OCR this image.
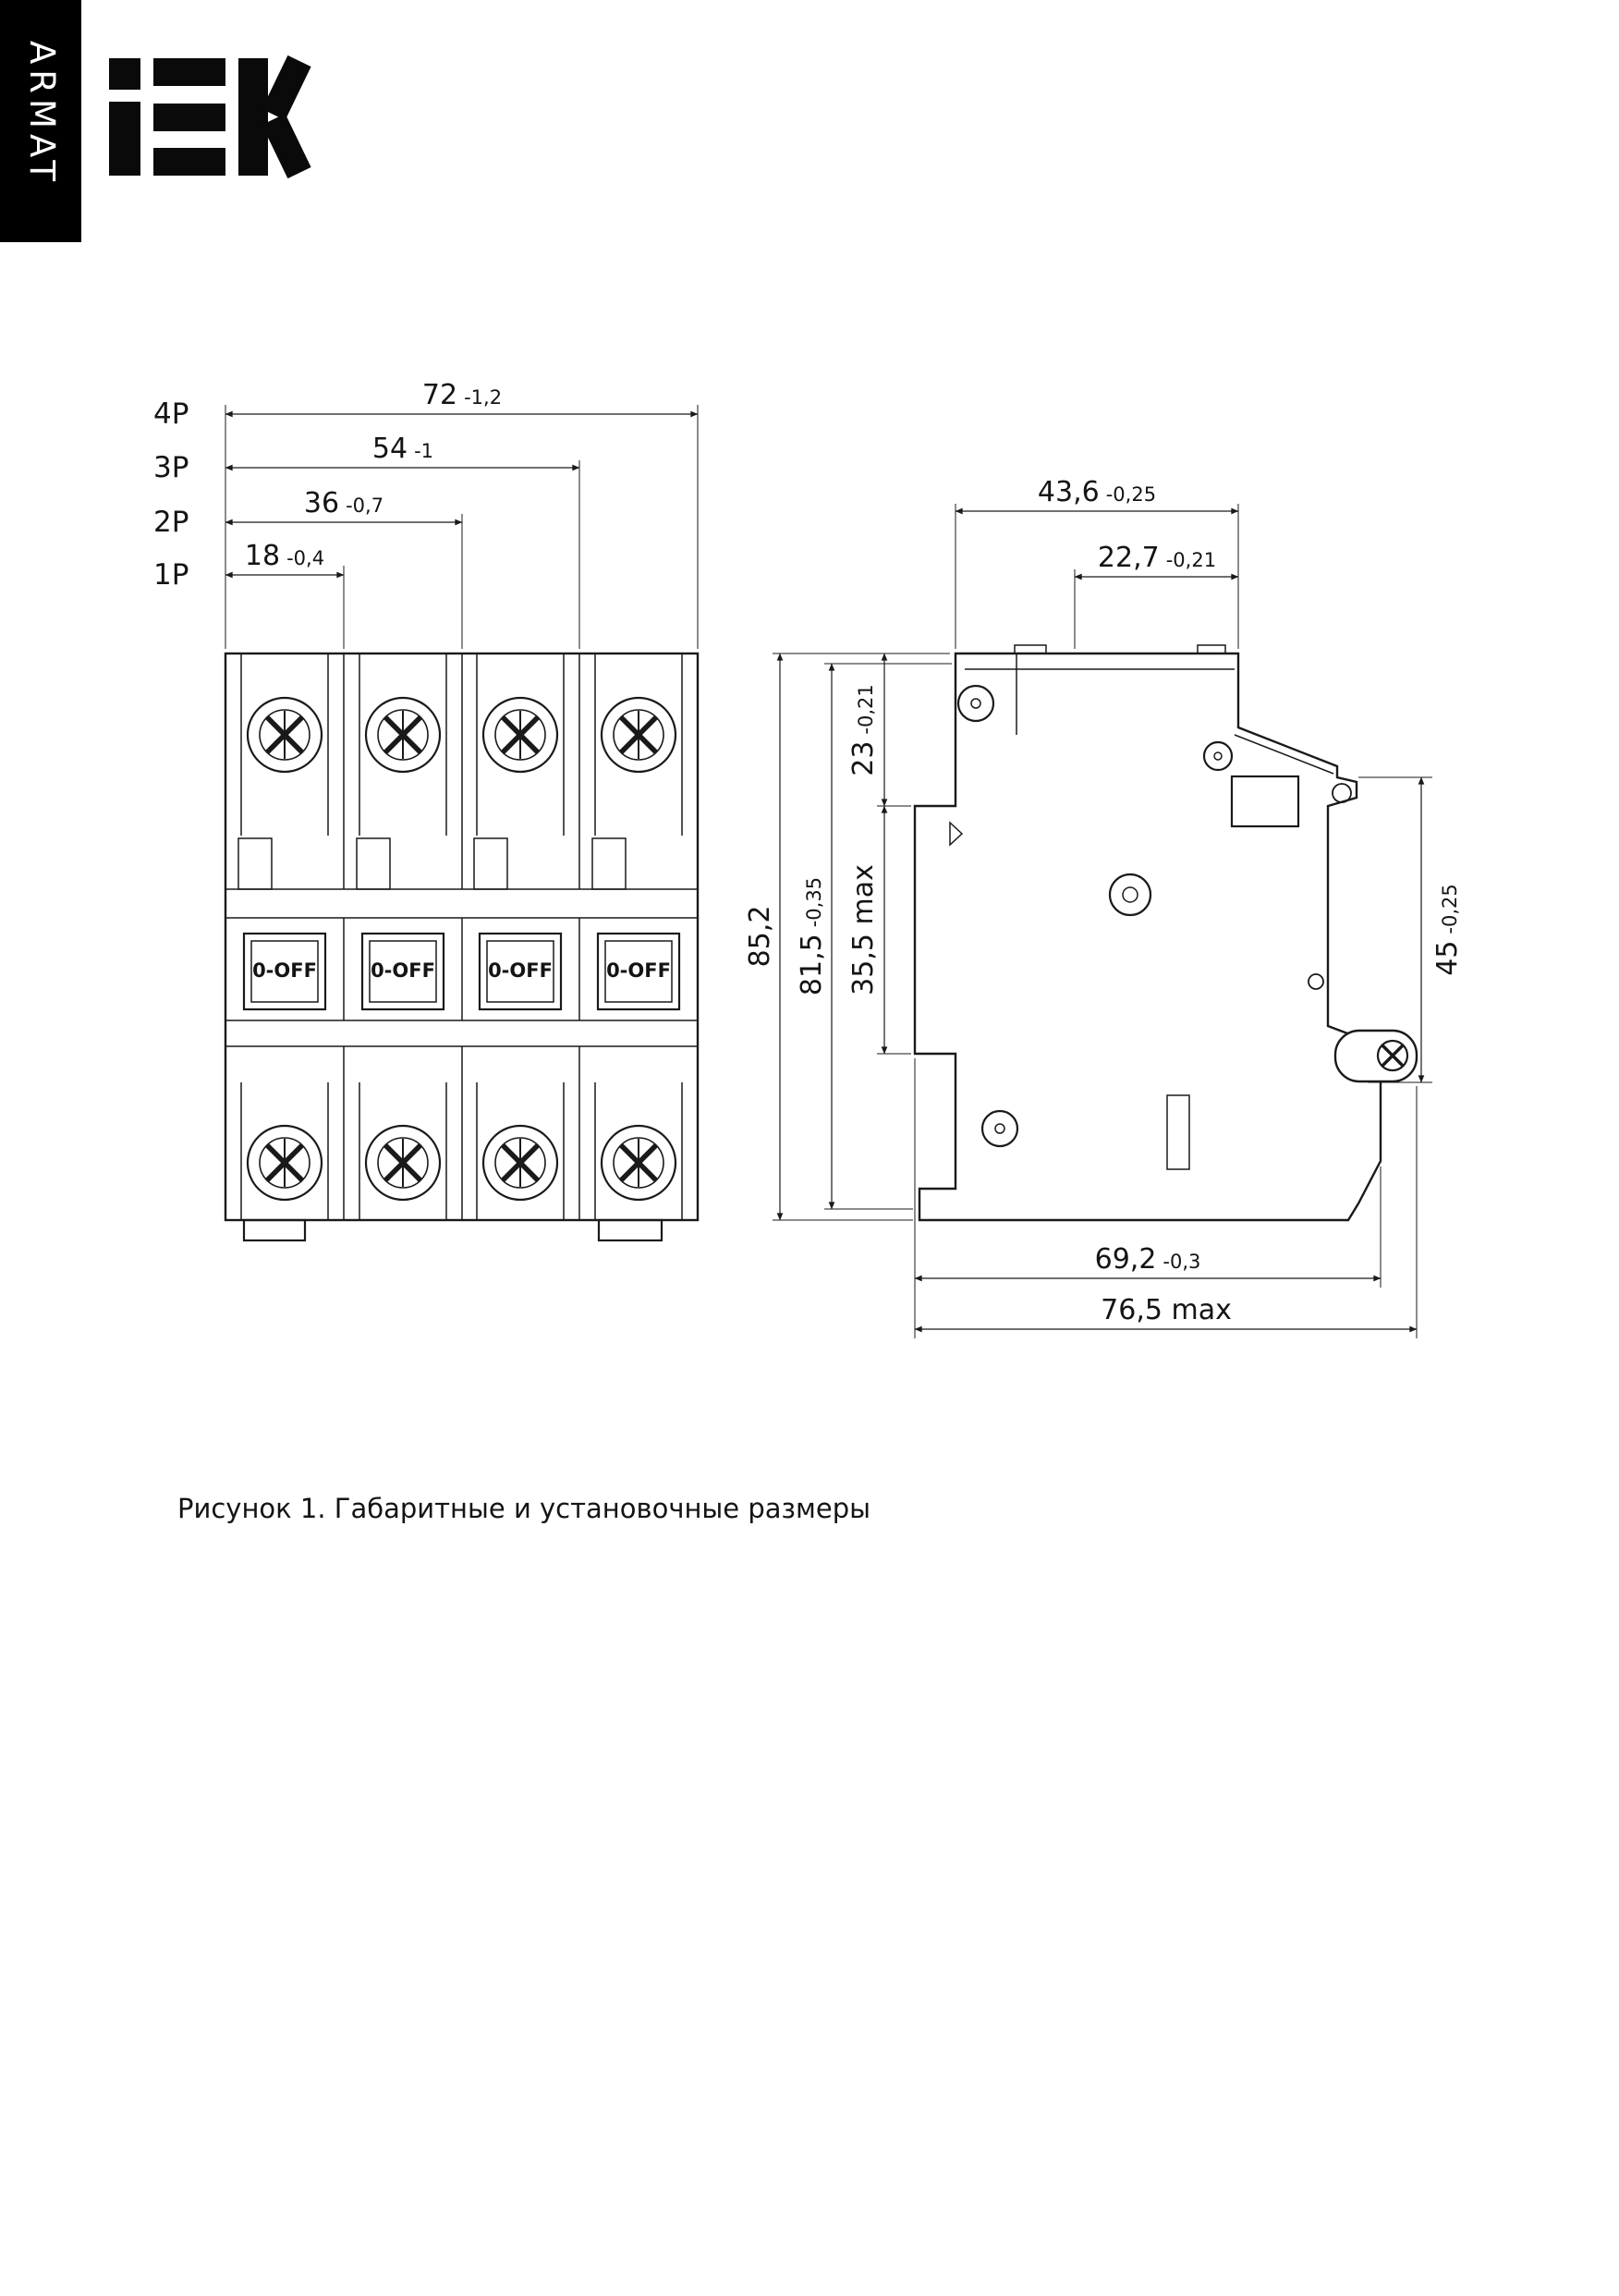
ARMAT
0-OFF	0-OFF	0-OFF	0-OFF
4P
3P
2P
1P
72 -1,2
54 -1
36 -0,7
18 -0,4
43,6 -0,25
22,7 -0,21
85,2 81,5-0,35
23-0,21
35,5 max	45-0,25
69,2 -0,3
76,5 max

Рисунок 1. Габаритные и установочные размеры
